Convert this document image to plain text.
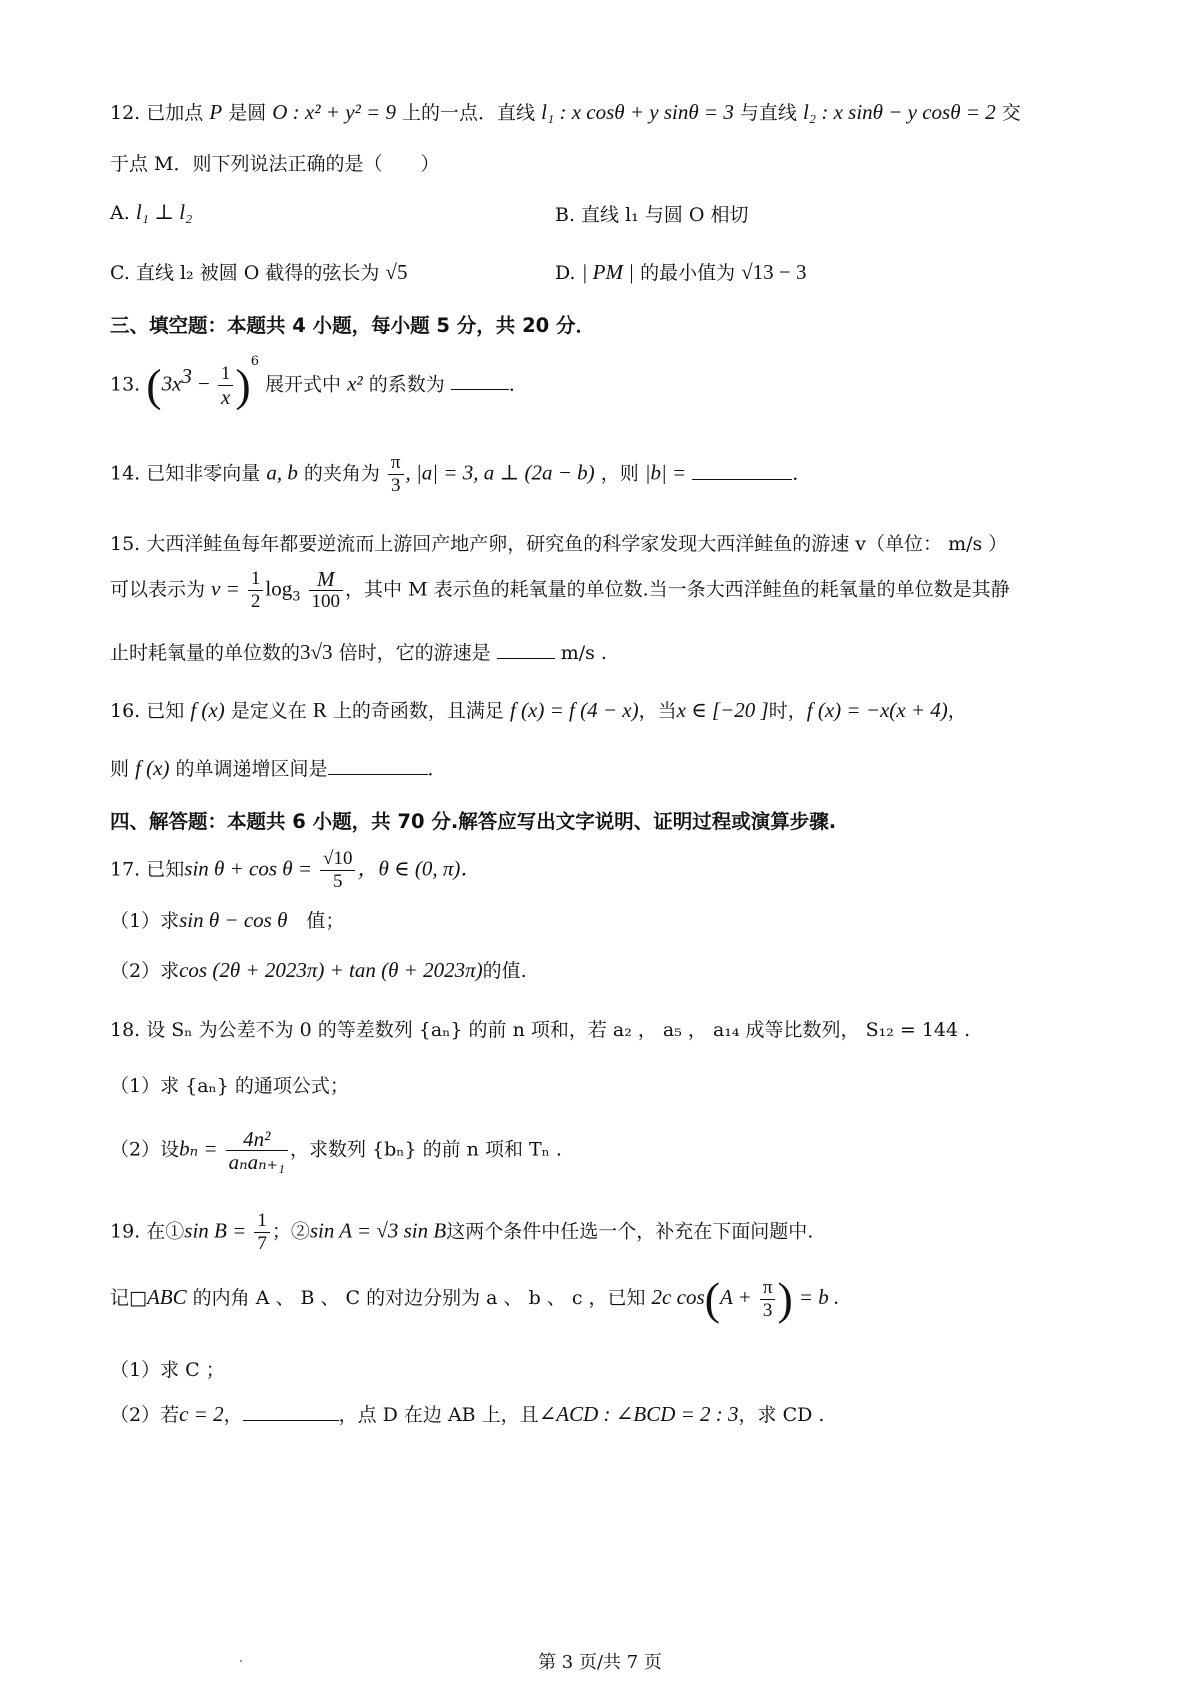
12. 已加点 P 是圆 O : x² + y² = 9 上的一点．直线 l₁ : x cosθ + y sinθ = 3 与直线 l₂ : x sinθ − y cosθ = 2 交
于点 M．则下列说法正确的是（　　）
A. l₁ ⊥ l₂	B. 直线 l₁ 与圆 O 相切
C. 直线 l₂ 被圆 O 截得的弦长为 √5	D. | PM | 的最小值为 √13 − 3
三、填空题：本题共 4 小题，每小题 5 分，共 20 分．
13. $(3x^3 - \frac{1}{x} )^6$ 展开式中 x² 的系数为	．
14. 已知非零向量 a, b 的夹角为 $\frac{\pi}{3}$ , |a| = 3, a ⊥ (2a − b) ，则 |b| =	．
15. 大西洋鲑鱼每年都要逆流而上游回产地产卵，研究鱼的科学家发现大西洋鲑鱼的游速 v（单位： m/s ）
可以表示为 $v = \frac{1}{2} \log_3 \frac{M}{100}$ ，其中 M 表示鱼的耗氧量的单位数.当一条大西洋鲑鱼的耗氧量的单位数是其静
止时耗氧量的单位数的3√3 倍时，它的游速是	m/s .
16. 已知 f (x) 是定义在 R 上的奇函数，且满足 f (x) = f (4 − x)，当x ∈ [−20 ]时，f (x) = −x(x + 4)，
则 f (x) 的单调递增区间是	．
四、解答题：本题共 6 小题，共 70 分.解答应写出文字说明、证明过程或演算步骤.
17. 已知$\sin \theta + \cos \theta = \frac{√10}{5}$ ，θ ∈ (0, π)．
（1）求sin θ − cos θ　值；
（2）求cos (2θ + 2023π) + tan (θ + 2023π)的值.
18. 设 Sₙ 为公差不为 0 的等差数列 {aₙ} 的前 n 项和，若 a₂ ， a₅ ， a₁₄ 成等比数列， S₁₂ = 144 .
（1）求 {aₙ} 的通项公式；
（2）设$b_n = \frac{\text{4n²}}{\text{aₙaₙ₊₁}}$ ，求数列 {bₙ} 的前 n 项和 Tₙ .
19. 在①sin $B = \frac{1}{7}$ ；②sin A = √3 sin B这两个条件中任选一个，补充在下面问题中.
记□ABC 的内角 A 、 B 、 C 的对边分别为 a 、 b 、 c ，已知 2c $\cos(A + \frac{\pi}{3}$ ) = b .
（1）求 C ；
（2）若c = 2，	，点 D 在边 AB 上，且∠ACD : ∠BCD = 2 : 3，求 CD .
第 3 页/共 7 页
